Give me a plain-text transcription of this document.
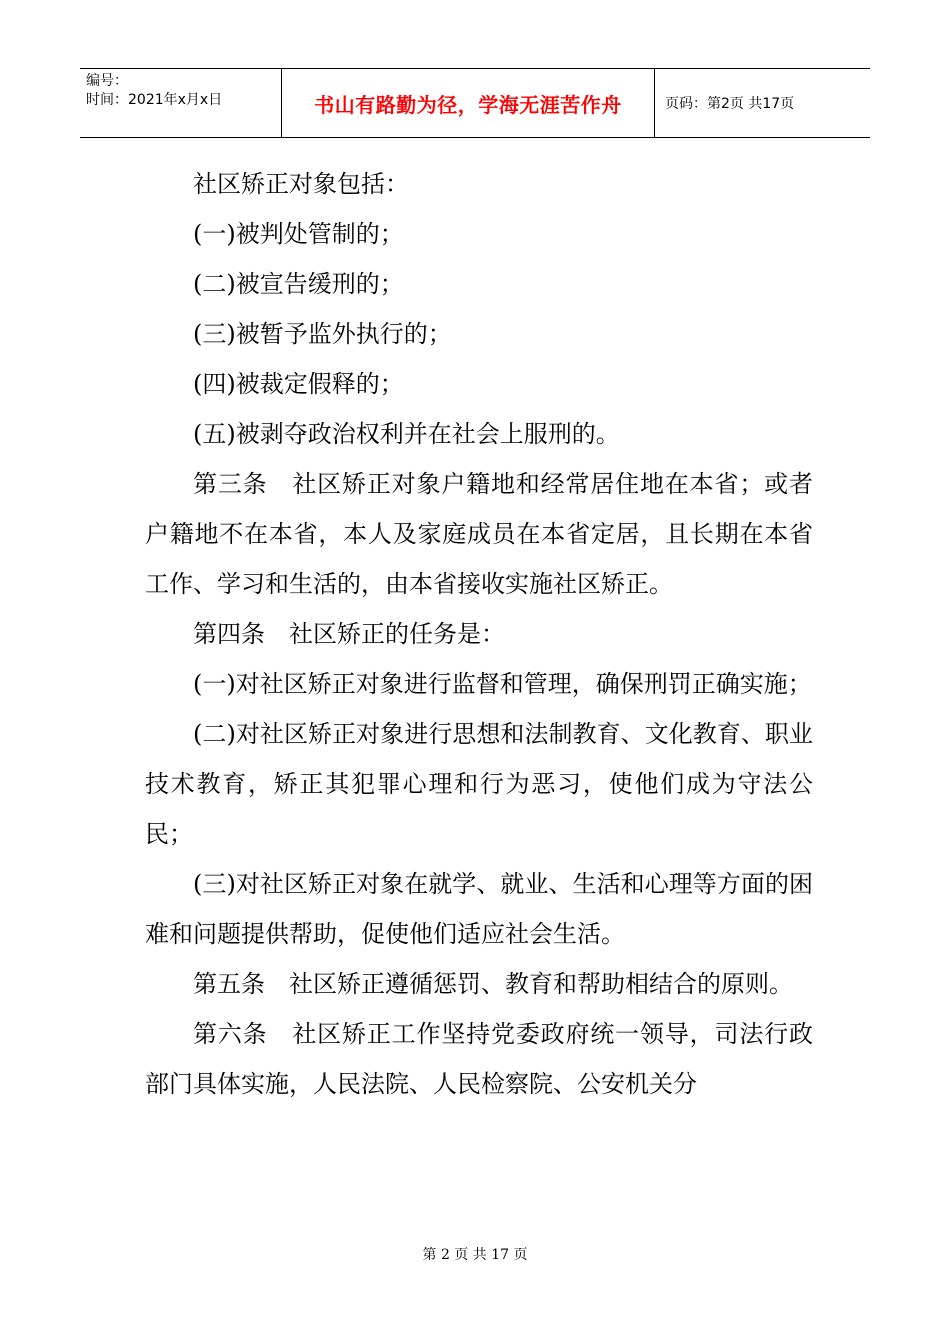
编号：
时间：2021年x月x日	书山有路勤为径，学海无涯苦作舟	页码：第2页 共17页

社区矫正对象包括：

(一)被判处管制的；

(二)被宣告缓刑的；

(三)被暂予监外执行的；

(四)被裁定假释的；

(五)被剥夺政治权利并在社会上服刑的。

第三条　社区矫正对象户籍地和经常居住地在本省；或者户籍地不在本省，本人及家庭成员在本省定居，且长期在本省工作、学习和生活的，由本省接收实施社区矫正。

第四条　社区矫正的任务是：

(一)对社区矫正对象进行监督和管理，确保刑罚正确实施；

(二)对社区矫正对象进行思想和法制教育、文化教育、职业技术教育，矫正其犯罪心理和行为恶习，使他们成为守法公民；

(三)对社区矫正对象在就学、就业、生活和心理等方面的困难和问题提供帮助，促使他们适应社会生活。

第五条　社区矫正遵循惩罚、教育和帮助相结合的原则。

第六条　社区矫正工作坚持党委政府统一领导，司法行政部门具体实施，人民法院、人民检察院、公安机关分

第 2 页 共 17 页
